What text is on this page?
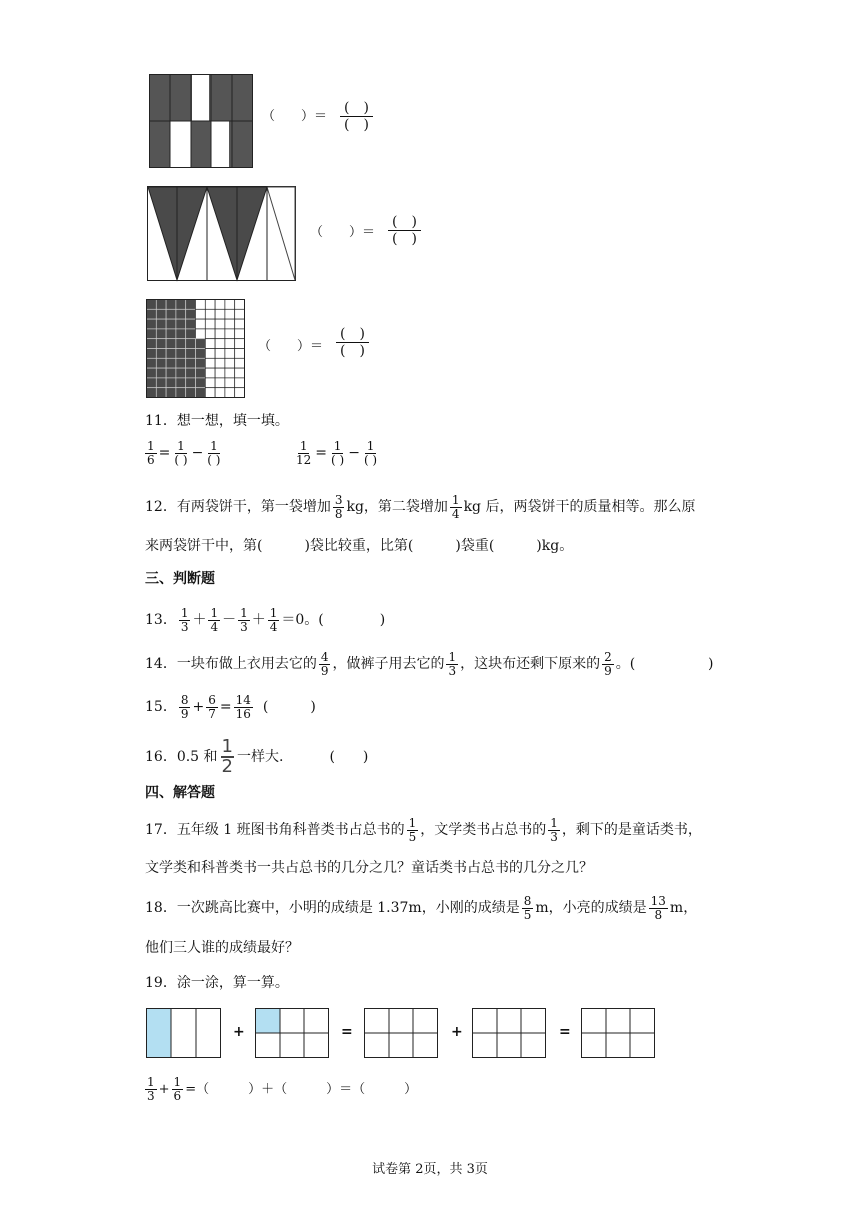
（　　）＝
(　)
(　)
（　　）＝
(　)
(　)
（　　）＝
(　)
(　)
11．想一想，填一填。
$\frac{1}{6} = \frac{1}{( )} - \frac{1}{( )}$	$\frac{1}{12} = \frac{1}{( )} - \frac{1}{( )}$
12．有两袋饼干，第一袋增加 $\frac{3}{8}$ kg，第二袋增加 $\frac{1}{4}$ kg 后，两袋饼干的质量相等。那么原
来两袋饼干中，第(　　　)袋比较重，比第(　　　)袋重(　　　)kg。
三、判断题
13． $\frac{1}{3} + \frac{1}{4} - \frac{1}{3} + \frac{1}{4} =0$。(　　　　)
14．一块布做上衣用去它的 $\frac{4}{9}$ ，做裤子用去它的 $\frac{1}{3}$ ，这块布还剩下原来的 $\frac{2}{9}$ 。(	)
15． $\frac{8}{9} + \frac{6}{7} = \frac{14}{16}$ (　　　)
16．0.5 和 1
2 一样大.	(　　)
四、解答题
17．五年级 1 班图书角科普类书占总书的 $\frac{1}{5}$ ，文学类书占总书的 $\frac{1}{3}$ ，剩下的是童话类书，
文学类和科普类书一共占总书的几分之几？童话类书占总书的几分之几？
18．一次跳高比赛中，小明的成绩是 1.37m，小刚的成绩是 $\frac{8}{5}$ m，小亮的成绩是 $\frac{13}{8}$ m，
他们三人谁的成绩最好？
19．涂一涂，算一算。
+	=	+	=
$\frac{1}{3} + \frac{1}{6}$ =（　　　）＋（　　　）＝（　　　）
试卷第 2页，共 3页
